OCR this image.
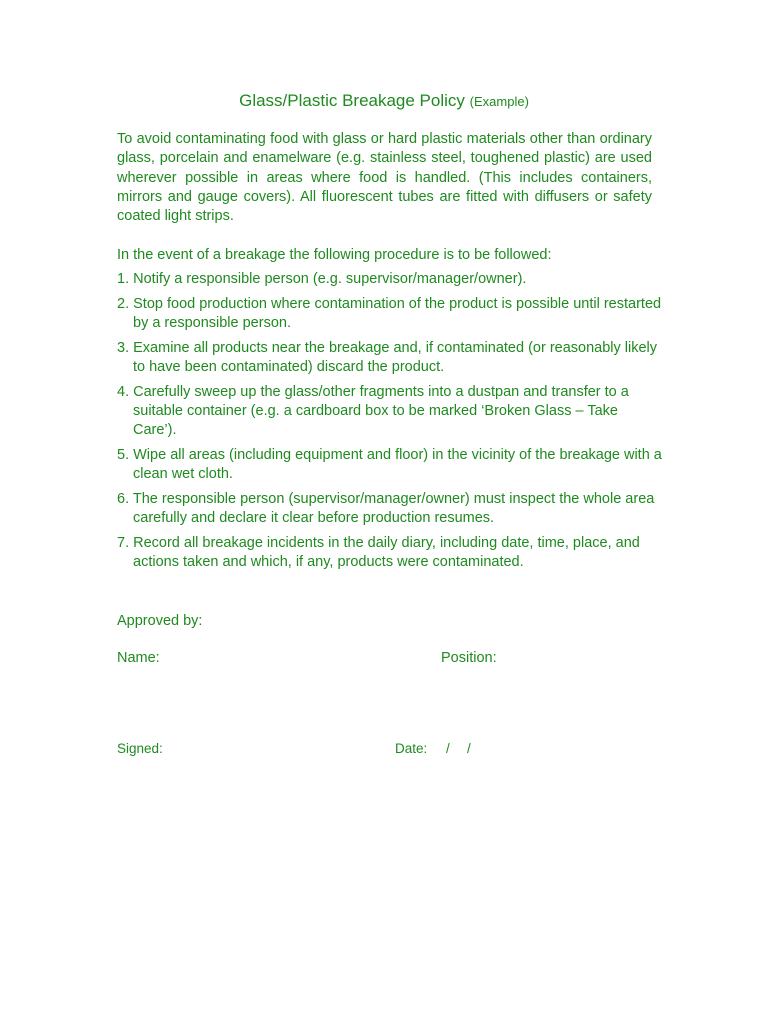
Glass/Plastic Breakage Policy (Example)

To avoid contaminating food with glass or hard plastic materials other than ordinary glass, porcelain and enamelware (e.g. stainless steel, toughened plastic) are used wherever possible in areas where food is handled. (This includes containers, mirrors and gauge covers). All fluorescent tubes are fitted with diffusers or safety coated light strips.

In the event of a breakage the following procedure is to be followed:

1. Notify a responsible person (e.g. supervisor/manager/owner).
2. Stop food production where contamination of the product is possible until restarted by a responsible person.
3. Examine all products near the breakage and, if contaminated (or reasonably likely to have been contaminated) discard the product.
4. Carefully sweep up the glass/other fragments into a dustpan and transfer to a suitable container (e.g. a cardboard box to be marked ‘Broken Glass – Take Care’).
5. Wipe all areas (including equipment and floor) in the vicinity of the breakage with a clean wet cloth.
6. The responsible person (supervisor/manager/owner) must inspect the whole area carefully and declare it clear before production resumes.
7. Record all breakage incidents in the daily diary, including date, time, place, and actions taken and which, if any, products were contaminated.
Approved by:
Name:	Position:
Signed:	Date: / /
